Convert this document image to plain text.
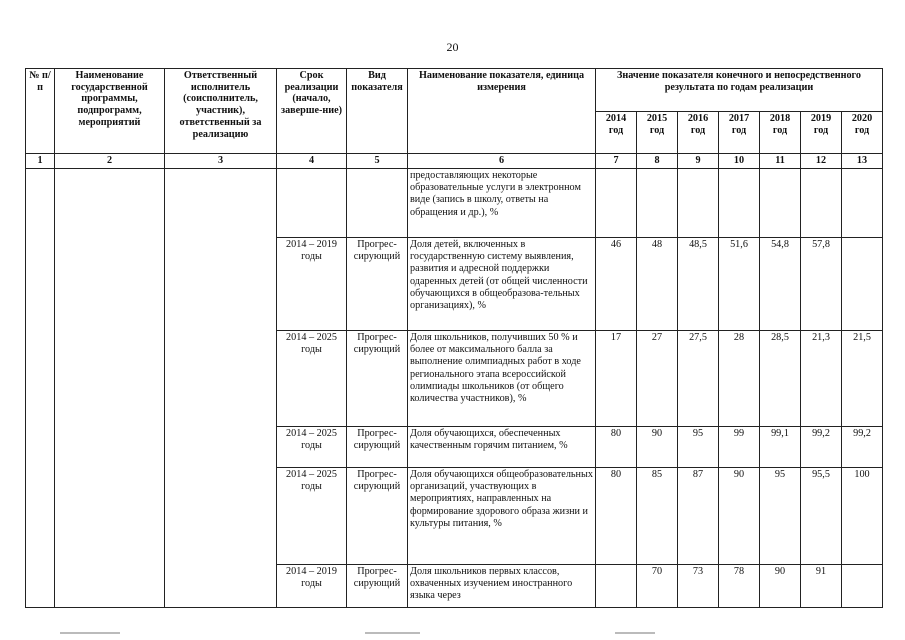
20
№ п/п	Наименование государственной программы, подпрограмм, мероприятий	Ответственный исполнитель (соисполнитель, участник), ответственный за реализацию	Срок реализации (начало, заверше-ние)	Вид показателя	Наименование показателя, единица измерения	Значение показателя конечного и непосредственного результата по годам реализации						
						2014 год	2015 год	2016 год	2017 год	2018 год	2019 год	2020 год
1	2	3	4	5	6	7	8	9	10	11	12	13
					предоставляющих некоторые образовательные услуги в электронном виде (запись в школу, ответы на обращения и др.), %							
			2014 – 2019 годы	Прогрес-сирующий	Доля детей, включенных в государственную систему выявления, развития и адресной поддержки одаренных детей (от общей численности обучающихся в общеобразова-тельных организациях), %	46	48	48,5	51,6	54,8	57,8	
			2014 – 2025 годы	Прогрес-сирующий	Доля школьников, получивших 50 % и более от максимального балла за выполнение олимпиадных работ в ходе регионального этапа всероссийской олимпиады школьников (от общего количества участников), %	17	27	27,5	28	28,5	21,3	21,5
			2014 – 2025 годы	Прогрес-сирующий	Доля обучающихся, обеспеченных качественным горячим питанием, %	80	90	95	99	99,1	99,2	99,2
			2014 – 2025 годы	Прогрес-сирующий	Доля обучающихся общеобразовательных организаций, участвующих в мероприятиях, направленных на формирование здорового образа жизни и культуры питания, %	80	85	87	90	95	95,5	100
			2014 – 2019 годы	Прогрес-сирующий	Доля школьников первых классов, охваченных изучением иностранного языка через		70	73	78	90	91	
